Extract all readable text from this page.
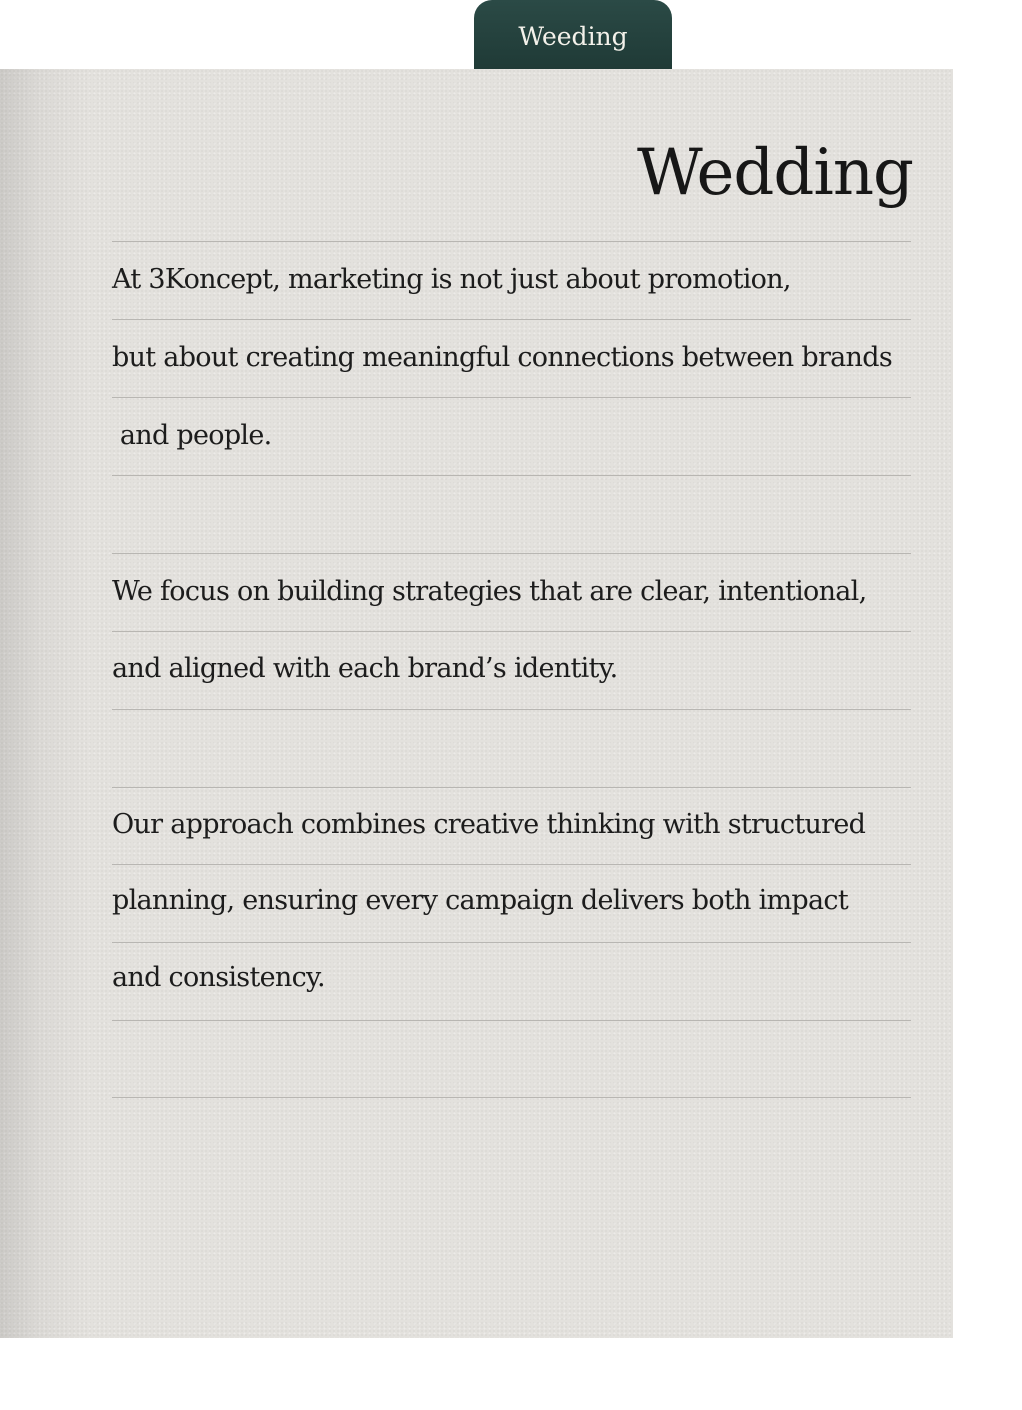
Weeding
Wedding

At 3Koncept, marketing is not just about promotion,

but about creating meaningful connections between brands

and people.

We focus on building strategies that are clear, intentional,

and aligned with each brand’s identity.

Our approach combines creative thinking with structured

planning, ensuring every campaign delivers both impact

and consistency.
